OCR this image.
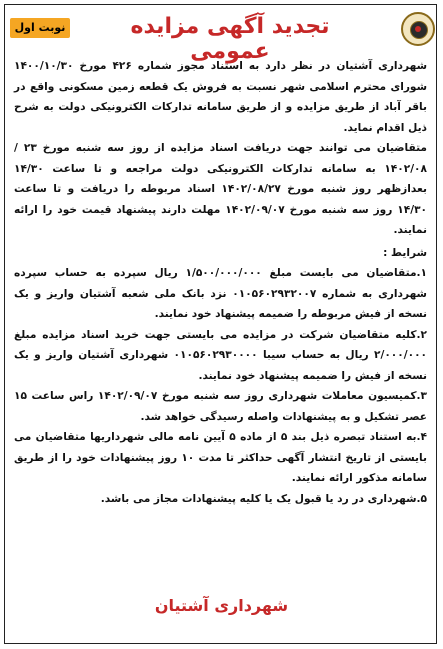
تجدید آگهی مزایده عمومی
نوبت اول

شهرداری آشتیان در نظر دارد به استناد مجوز شماره ۴۲۶ مورخ ۱۴۰۰/۱۰/۳۰ شورای محترم اسلامی شهر نسبت به فروش یک قطعه زمین مسکونی واقع در باقر آباد از طریق مزایده و از طریق سامانه تدارکات الکترونیکی دولت به شرح ذیل اقدام نماید.

متقاضیان می توانند جهت دریافت اسناد مزایده از روز سه شنبه مورخ ۲۳ /۱۴۰۲/۰۸ به سامانه تدارکات الکترونیکی دولت مراجعه و تا ساعت ۱۴/۳۰ بعدازظهر روز شنبه مورخ ۱۴۰۲/۰۸/۲۷ اسناد مربوطه را دریافت و تا ساعت ۱۴/۳۰ روز سه شنبه مورخ ۱۴۰۲/۰۹/۰۷ مهلت دارند پیشنهاد قیمت خود را ارائه نمایند.

شرایط :

۱.متقاضیان می بایست مبلغ ۱/۵۰۰/۰۰۰/۰۰۰ ریال سپرده به حساب سپرده شهرداری به شماره ۰۱۰۵۶۰۲۹۳۲۰۰۷ نزد بانک ملی شعبه آشتیان واریز و یک نسخه از فیش مربوطه را ضمیمه پیشنهاد خود نمایند.

۲.کلیه متقاضیان شرکت در مزایده می بایستی جهت خرید اسناد مزایده مبلغ ۲/۰۰۰/۰۰۰ ریال به حساب سیبا ۰۱۰۵۶۰۲۹۳۰۰۰۰ شهرداری آشتیان واریز و یک نسخه از فیش را ضمیمه پیشنهاد خود نمایند.

۳.کمیسیون معاملات شهرداری روز سه شنبه مورخ ۱۴۰۲/۰۹/۰۷ راس ساعت ۱۵ عصر تشکیل و به پیشنهادات واصله رسیدگی خواهد شد.

۴.به استناد تبصره ذیل بند ۵ از ماده ۵ آیین نامه مالی شهرداریها متقاضیان می بایستی از تاریخ انتشار آگهی حداکثر تا مدت ۱۰ روز پیشنهادات خود را از طریق سامانه مذکور ارائه نمایند.

۵.شهرداری در رد یا قبول یک یا کلیه پیشنهادات مجاز می باشد.

شهرداری آشتیان
